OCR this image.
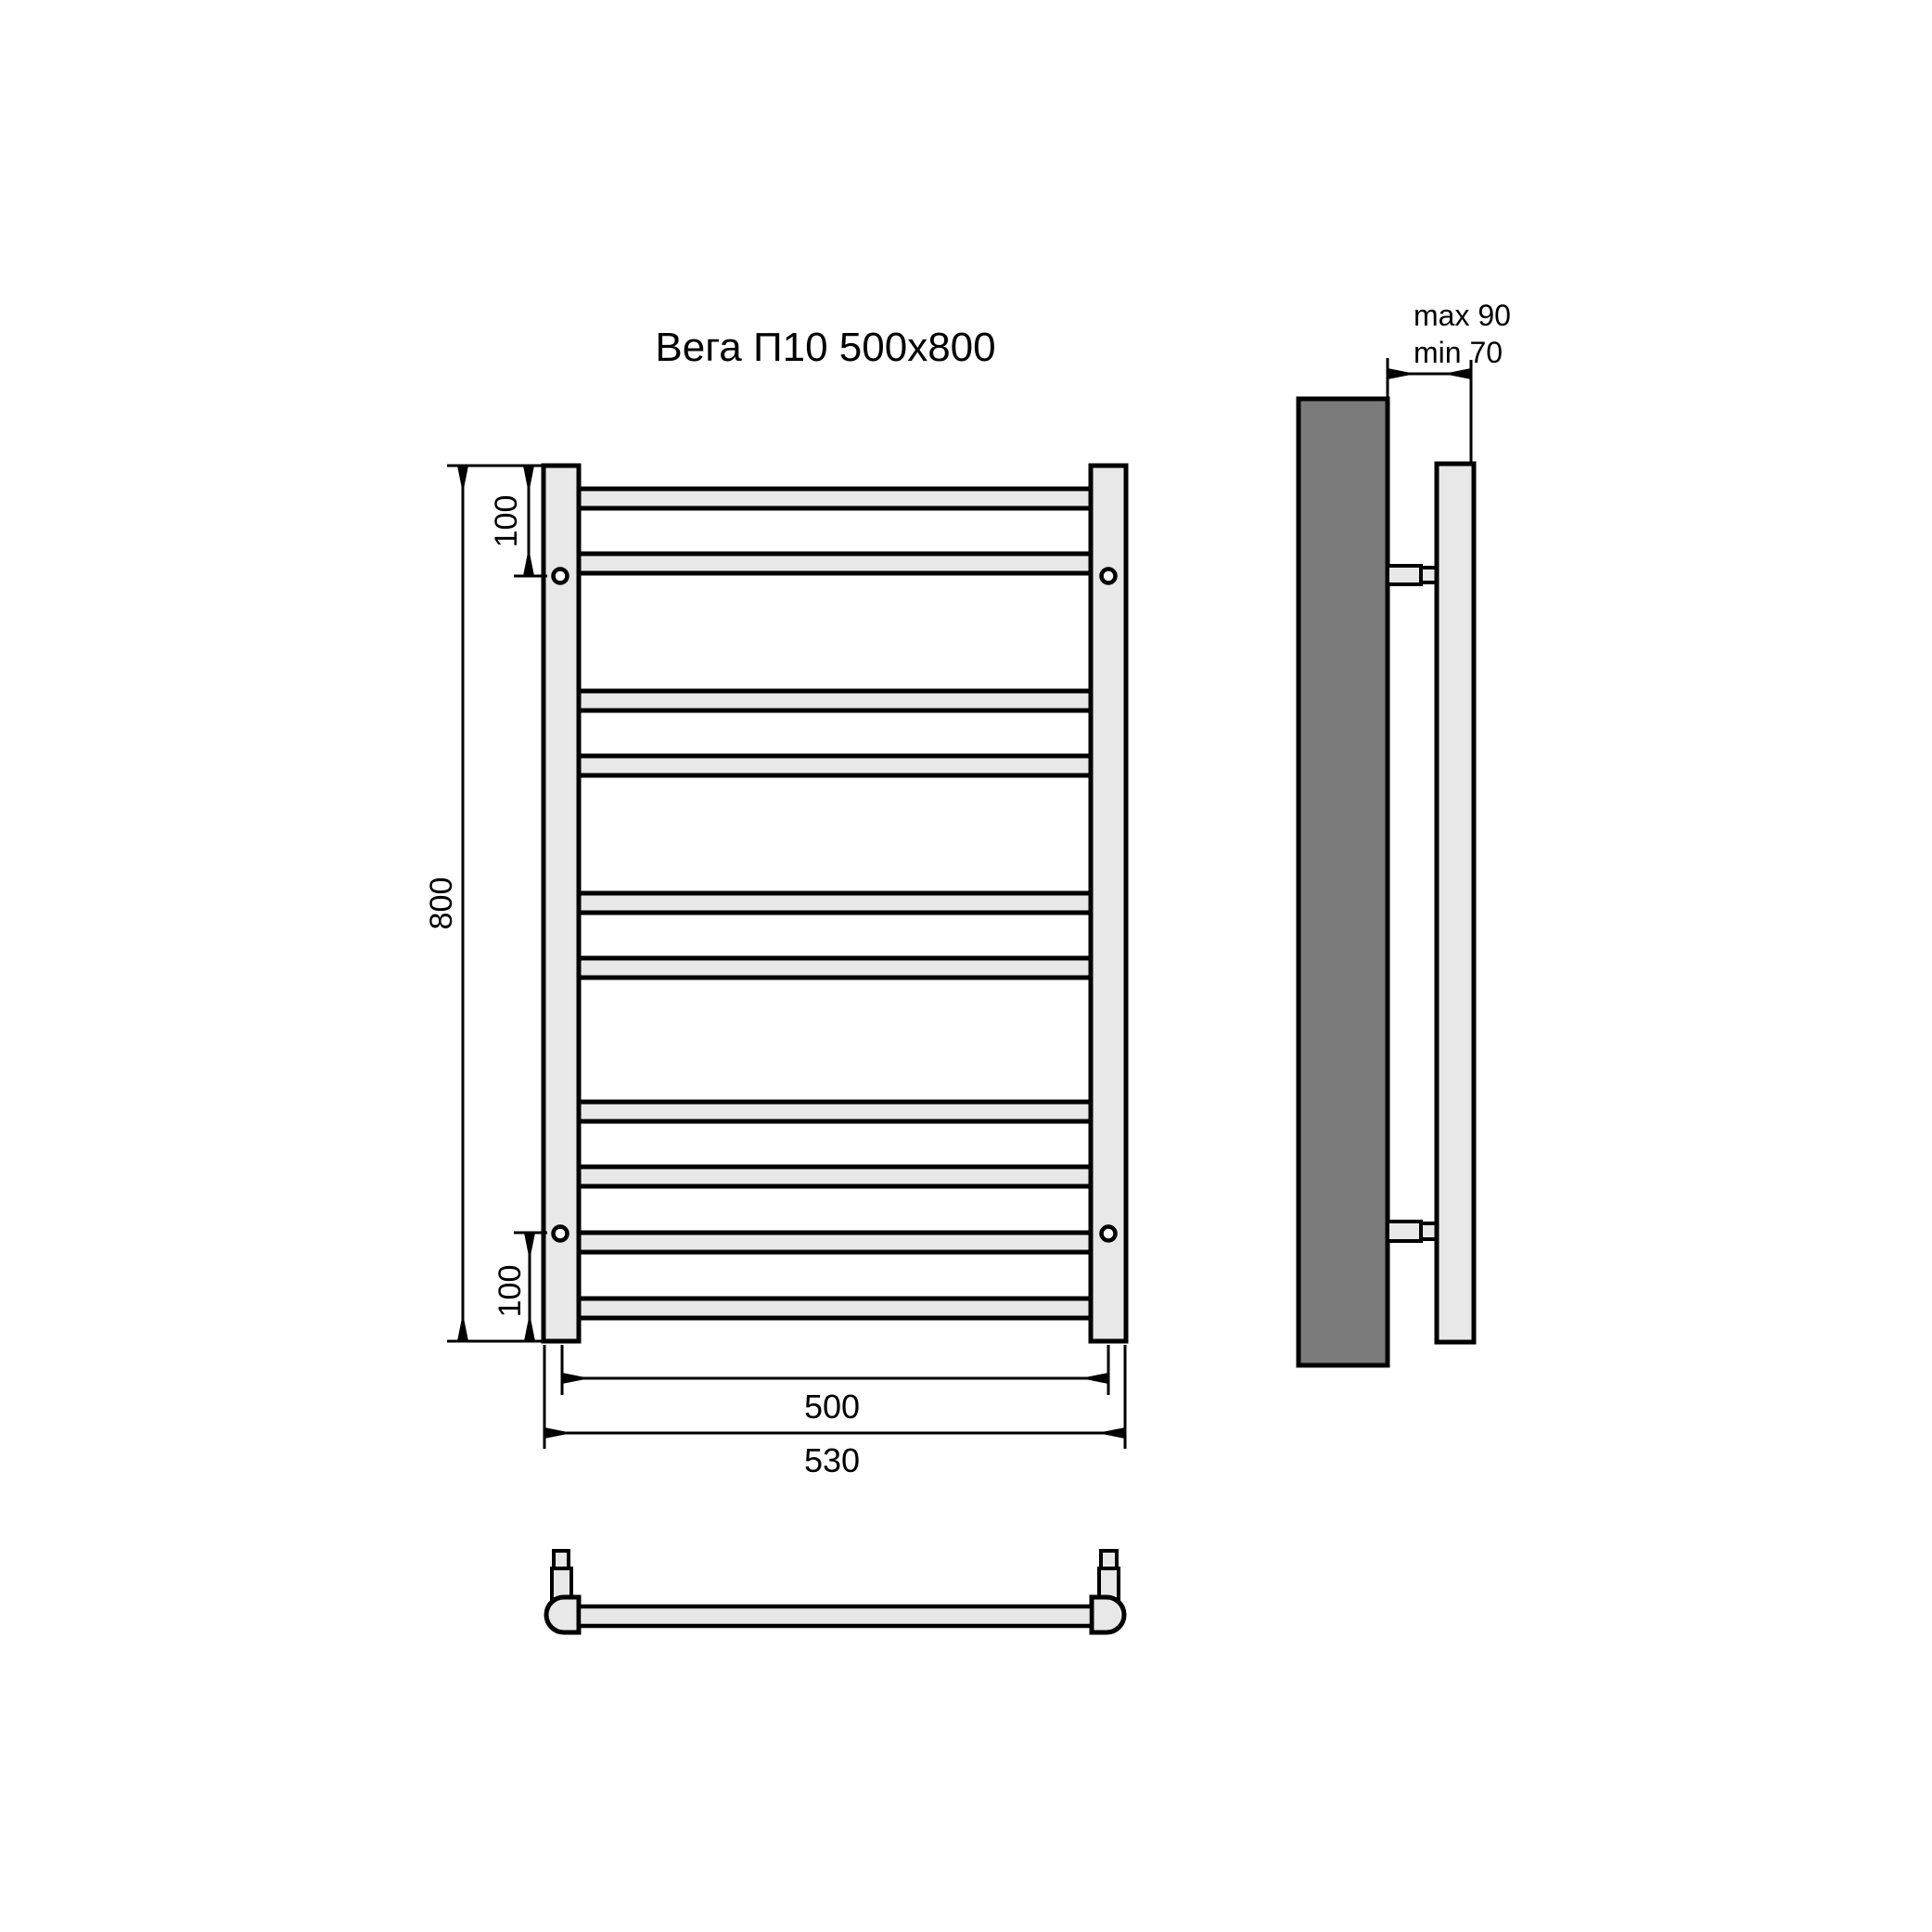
Вега П10 500x800
800
100
100
500
530
max 90
min 70
